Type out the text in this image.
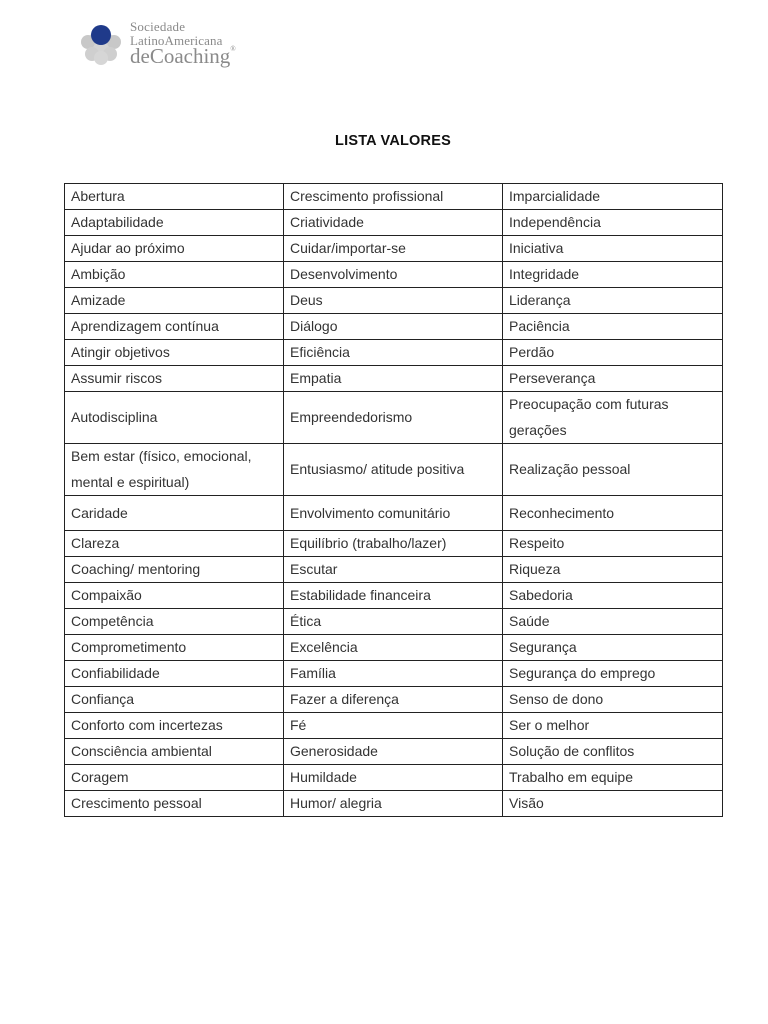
Sociedade
LatinoAmericana
deCoaching®
LISTA VALORES
Abertura	Crescimento profissional	Imparcialidade
Adaptabilidade	Criatividade	Independência
Ajudar ao próximo	Cuidar/importar-se	Iniciativa
Ambição	Desenvolvimento	Integridade
Amizade	Deus	Liderança
Aprendizagem contínua	Diálogo	Paciência
Atingir objetivos	Eficiência	Perdão
Assumir riscos	Empatia	Perseverança
Autodisciplina	Empreendedorismo	Preocupação com futuras gerações
Bem estar (físico, emocional, mental e espiritual)	Entusiasmo/ atitude positiva	Realização pessoal
Caridade	Envolvimento comunitário	Reconhecimento
Clareza	Equilíbrio (trabalho/lazer)	Respeito
Coaching/ mentoring	Escutar	Riqueza
Compaixão	Estabilidade financeira	Sabedoria
Competência	Ética	Saúde
Comprometimento	Excelência	Segurança
Confiabilidade	Família	Segurança do emprego
Confiança	Fazer a diferença	Senso de dono
Conforto com incertezas	Fé	Ser o melhor
Consciência ambiental	Generosidade	Solução de conflitos
Coragem	Humildade	Trabalho em equipe
Crescimento pessoal	Humor/ alegria	Visão
